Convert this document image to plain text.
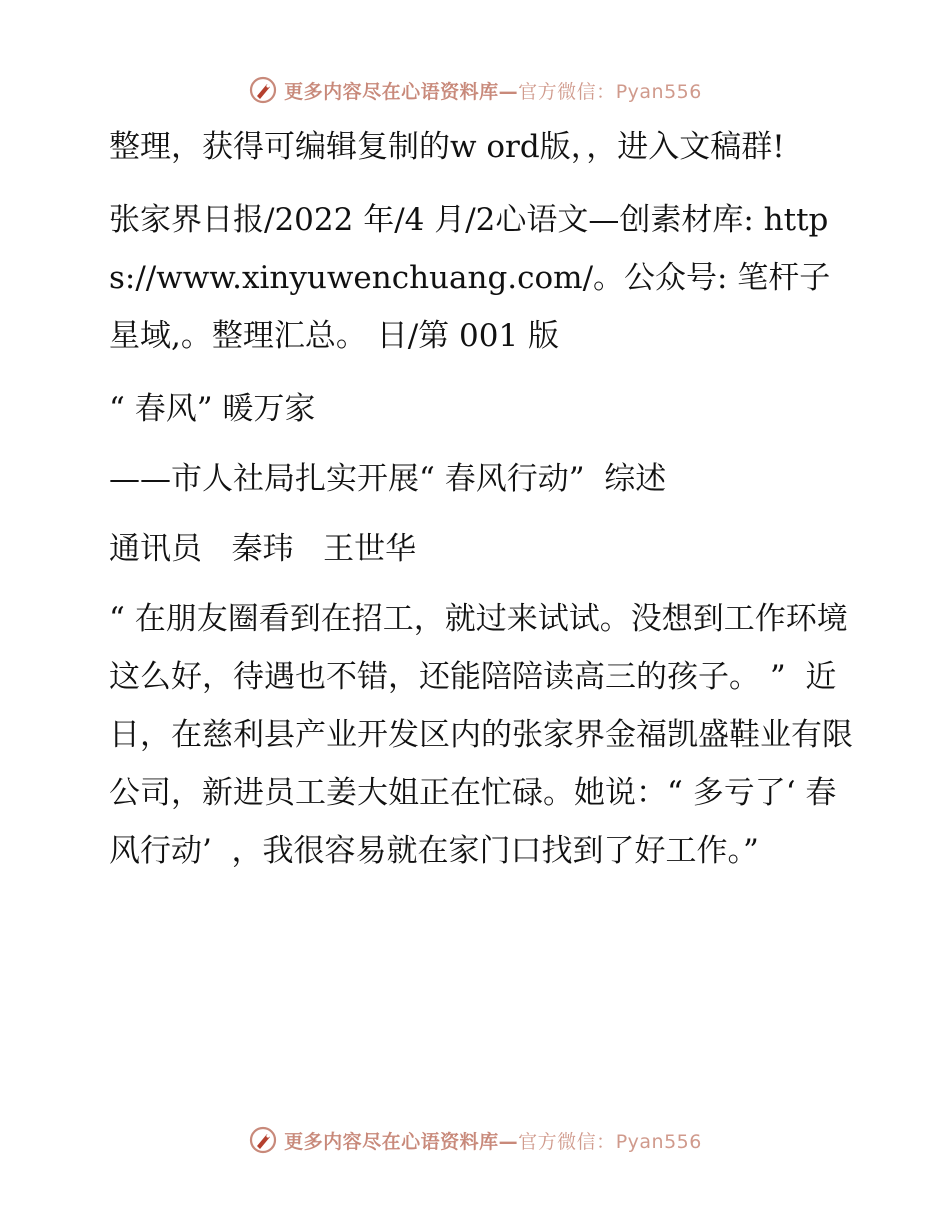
更多内容尽在心语资料库—官方微信：Pyan556

整理，获得可编辑复制的w ord版，，进入文稿群!

张家界日报/2022 年/4 月/2心语文—创素材库: https://www.xinyuwenchuang.com/。公众号: 笔杆子星域,。整理汇总。 日/第 001 版

“ 春风” 暖万家

——市人社局扎实开展“ 春风行动”  综述

通讯员   秦玮   王世华

“ 在朋友圈看到在招工，就过来试试。没想到工作环境这么好，待遇也不错，还能陪陪读高三的孩子。 ”  近日，在慈利县产业开发区内的张家界金福凯盛鞋业有限公司，新进员工姜大姐正在忙碌。她说：“ 多亏了‘ 春风行动’  ，我很容易就在家门口找到了好工作。”

更多内容尽在心语资料库—官方微信：Pyan556
